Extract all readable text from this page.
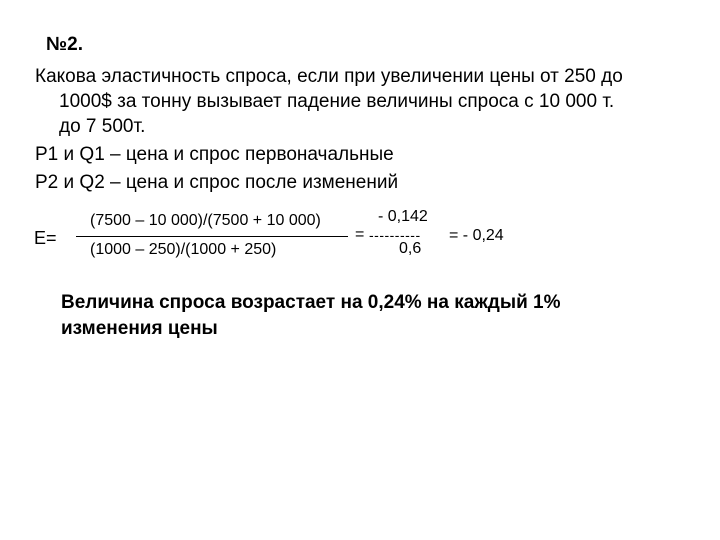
№2.
Какова эластичность спроса, если при увеличении цены от 250 до
1000$ за тонну вызывает падение величины спроса с 10 000 т.
до 7 500т.
P1 и Q1 – цена и спрос первоначальные
P2 и Q2 – цена и спрос после изменений
E=
(7500 – 10 000)/(7500 + 10 000)
(1000 – 250)/(1000 + 250)
= ----------
- 0,142
0,6
= - 0,24
Величина спроса возрастает на 0,24% на каждый 1%
изменения цены
